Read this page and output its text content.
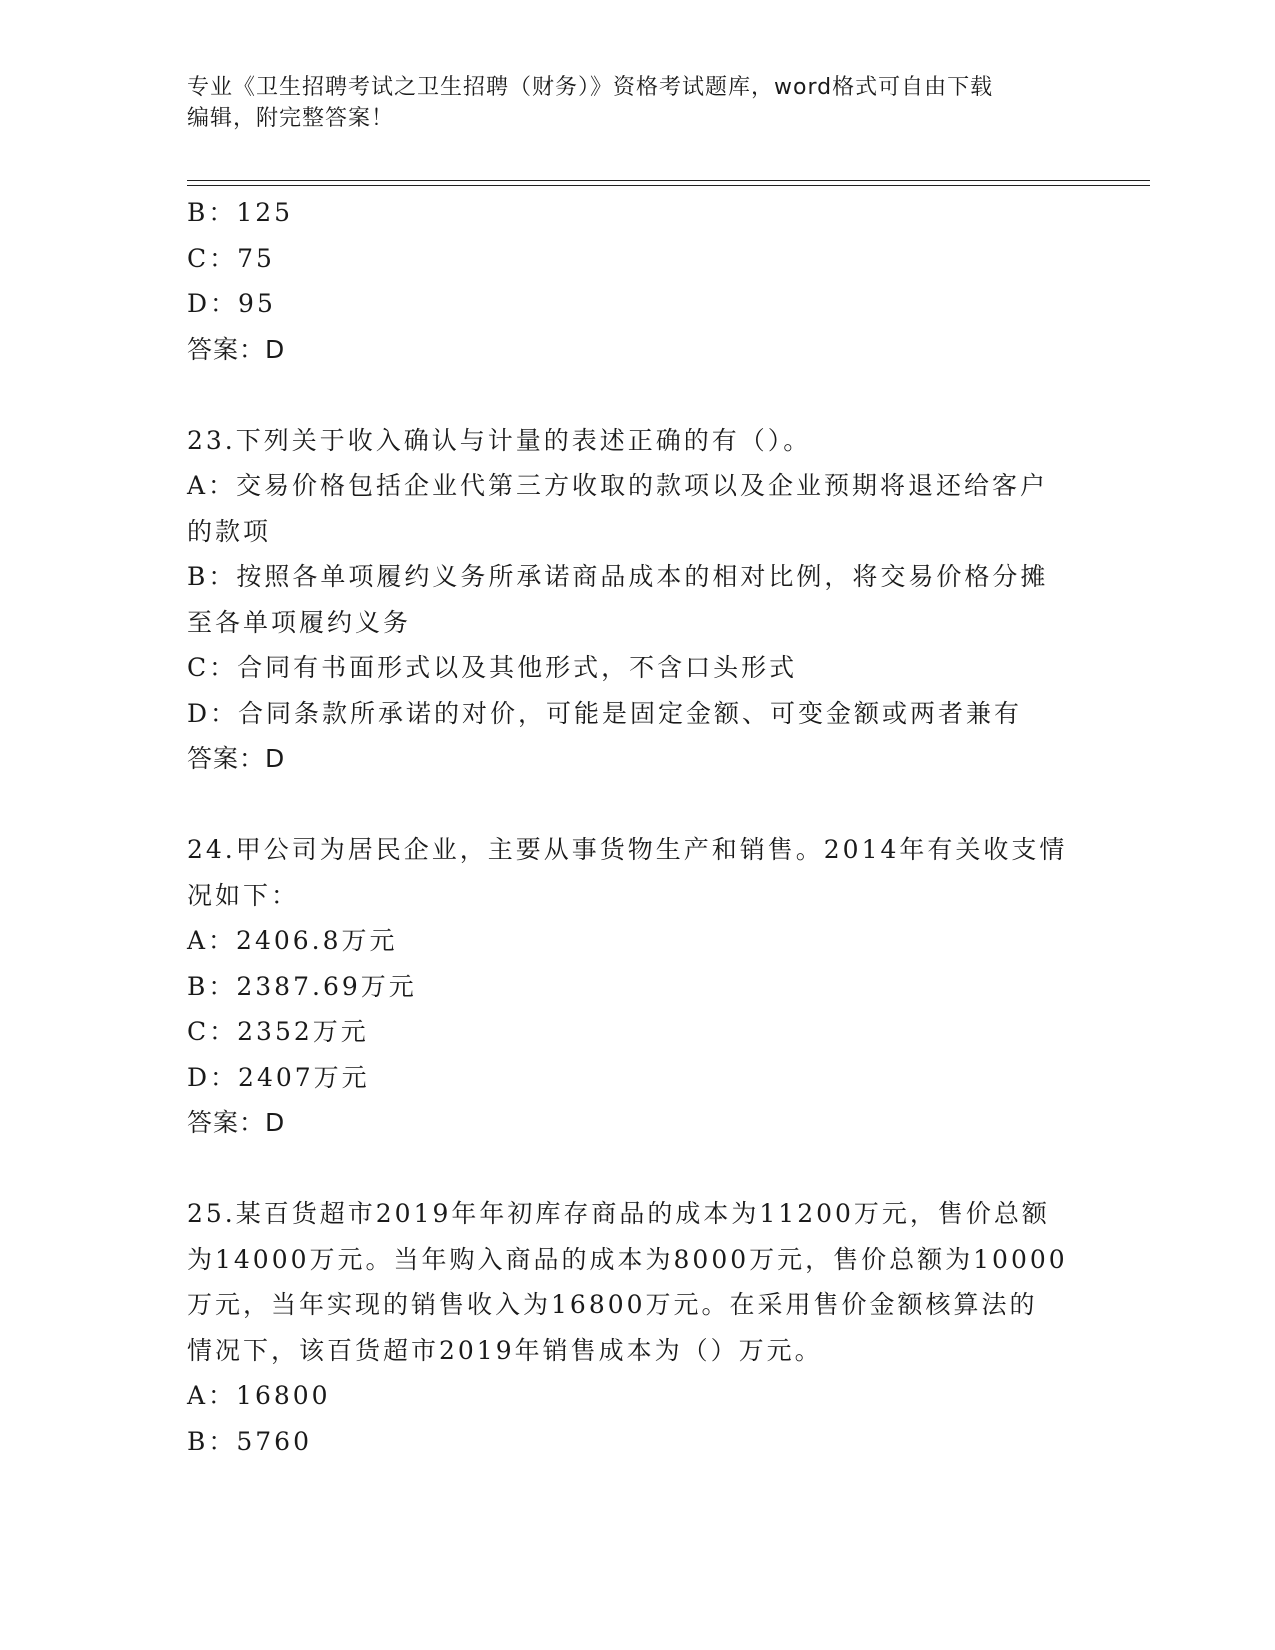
专业《卫生招聘考试之卫生招聘（财务）》资格考试题库，word格式可自由下载
编辑，附完整答案！
B：125
C：75
D：95
答案：D
23.下列关于收入确认与计量的表述正确的有（）。
A：交易价格包括企业代第三方收取的款项以及企业预期将退还给客户
的款项
B：按照各单项履约义务所承诺商品成本的相对比例，将交易价格分摊
至各单项履约义务
C：合同有书面形式以及其他形式，不含口头形式
D：合同条款所承诺的对价，可能是固定金额、可变金额或两者兼有
答案：D
24.甲公司为居民企业，主要从事货物生产和销售。2014年有关收支情
况如下：
A：2406.8万元
B：2387.69万元
C：2352万元
D：2407万元
答案：D
25.某百货超市2019年年初库存商品的成本为11200万元，售价总额
为14000万元。当年购入商品的成本为8000万元，售价总额为10000
万元，当年实现的销售收入为16800万元。在采用售价金额核算法的
情况下，该百货超市2019年销售成本为（）万元。
A：16800
B：5760
